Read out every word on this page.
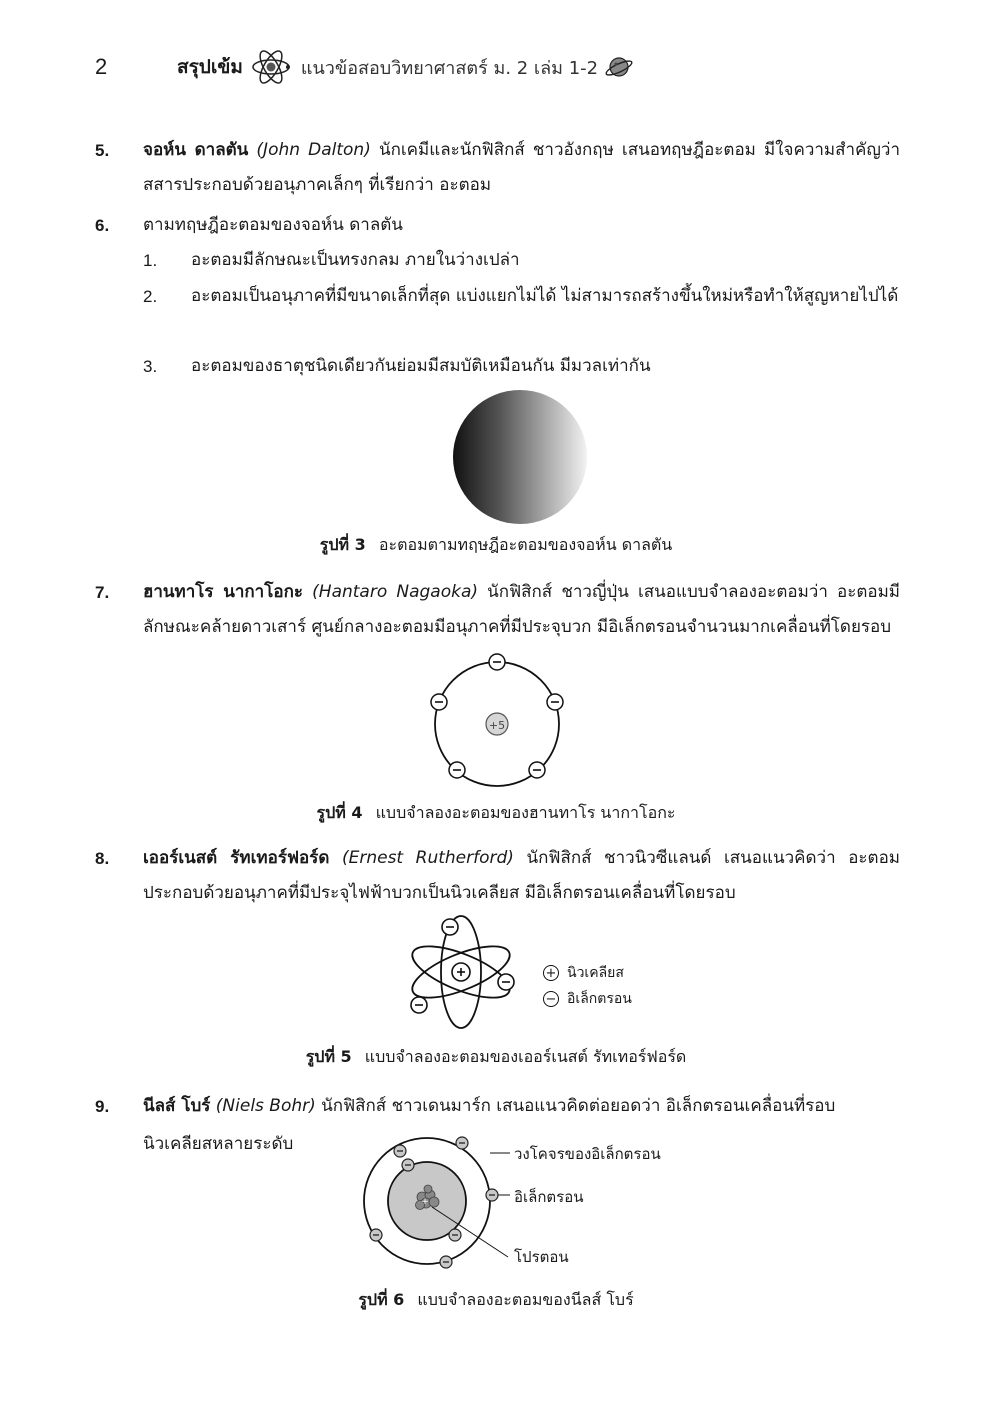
2	สรุปเข้ม	แนวข้อสอบวิทยาศาสตร์ ม. 2 เล่ม 1-2
5. จอห์น ดาลตัน (John Dalton) นักเคมีและนักฟิสิกส์ ชาวอังกฤษ เสนอทฤษฎีอะตอม มีใจความสำคัญว่า สสารประกอบด้วยอนุภาคเล็กๆ ที่เรียกว่า อะตอม
6. ตามทฤษฎีอะตอมของจอห์น ดาลตัน
1. อะตอมมีลักษณะเป็นทรงกลม ภายในว่างเปล่า
2. อะตอมเป็นอนุภาคที่มีขนาดเล็กที่สุด แบ่งแยกไม่ได้ ไม่สามารถสร้างขึ้นใหม่หรือทำให้สูญหายไปได้
3. อะตอมของธาตุชนิดเดียวกันย่อมมีสมบัติเหมือนกัน มีมวลเท่ากัน
รูปที่ 3 อะตอมตามทฤษฎีอะตอมของจอห์น ดาลตัน
7. ฮานทาโร นากาโอกะ (Hantaro Nagaoka) นักฟิสิกส์ ชาวญี่ปุ่น เสนอแบบจำลองอะตอมว่า อะตอมมีลักษณะคล้ายดาวเสาร์ ศูนย์กลางอะตอมมีอนุภาคที่มีประจุบวก มีอิเล็กตรอนจำนวนมากเคลื่อนที่โดยรอบ
+5
รูปที่ 4 แบบจำลองอะตอมของฮานทาโร นากาโอกะ
8. เออร์เนสต์ รัทเทอร์ฟอร์ด (Ernest Rutherford) นักฟิสิกส์ ชาวนิวซีแลนด์ เสนอแนวคิดว่า อะตอมประกอบด้วยอนุภาคที่มีประจุไฟฟ้าบวกเป็นนิวเคลียส มีอิเล็กตรอนเคลื่อนที่โดยรอบ
+ นิวเคลียส
− อิเล็กตรอน
รูปที่ 5 แบบจำลองอะตอมของเออร์เนสต์ รัทเทอร์ฟอร์ด
9. นีลส์ โบร์ (Niels Bohr) นักฟิสิกส์ ชาวเดนมาร์ก เสนอแนวคิดต่อยอดว่า อิเล็กตรอนเคลื่อนที่รอบ
นิวเคลียสหลายระดับ
+
วงโคจรของอิเล็กตรอน
อิเล็กตรอน
โปรตอน
รูปที่ 6 แบบจำลองอะตอมของนีลส์ โบร์
